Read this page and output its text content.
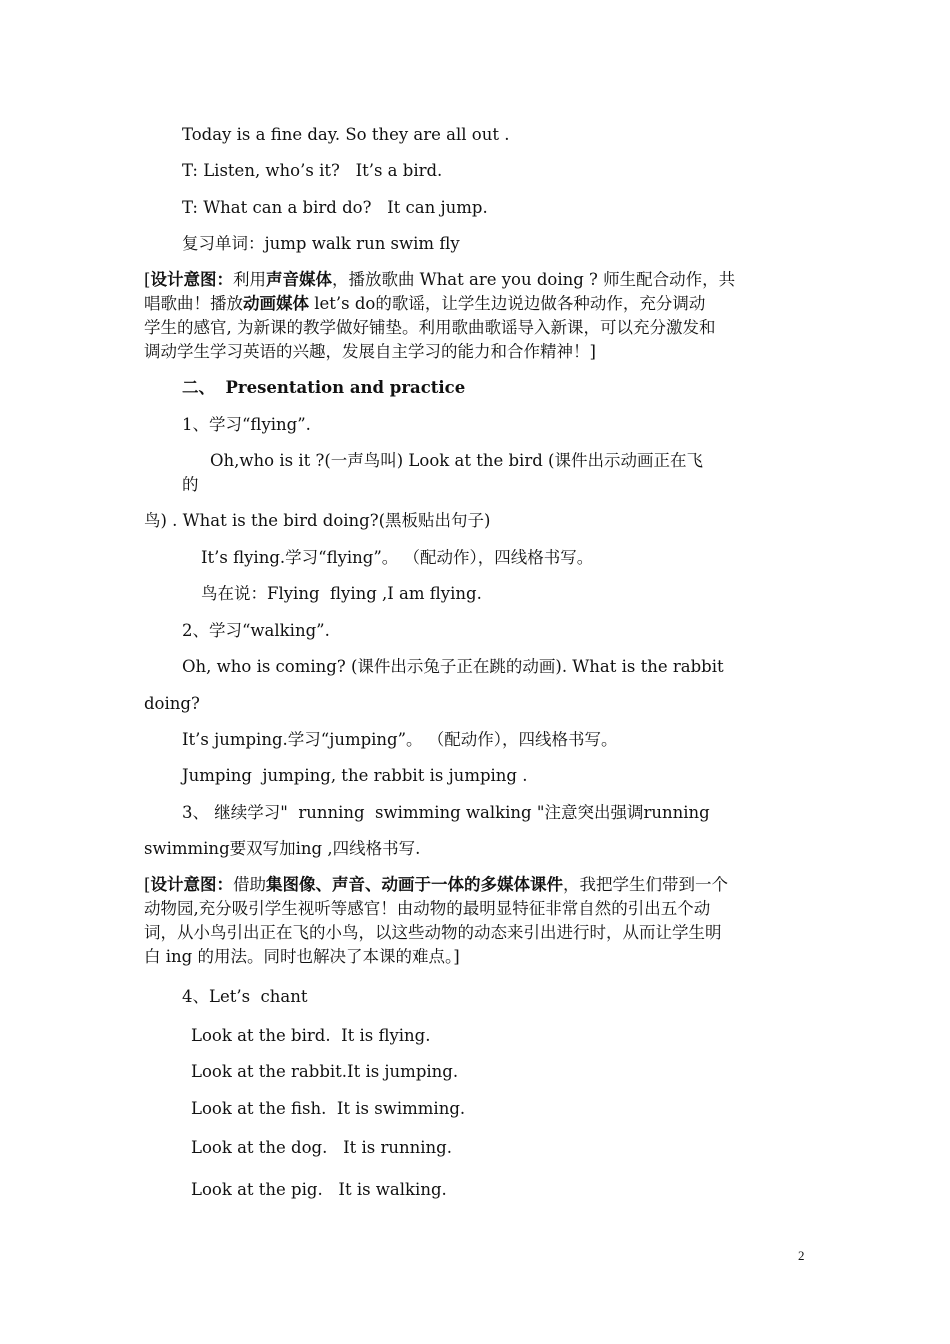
Today is a fine day. So they are all out .
T: Listen, who’s it?   It’s a bird.
T: What can a bird do?   It can jump.
复习单词：jump walk run swim fly
[设计意图：利用声音媒体，播放歌曲 What are you doing ? 师生配合动作，共
唱歌曲！播放动画媒体 let’s do的歌谣，让学生边说边做各种动作，充分调动
学生的感官, 为新课的教学做好铺垫。利用歌曲歌谣导入新课，可以充分激发和
调动学生学习英语的兴趣，发展自主学习的能力和合作精神！]
二、 Presentation and practice
1、学习“flying”.
Oh,who is it ?(一声鸟叫) Look at the bird (课件出示动画正在飞
的
鸟) . What is the bird doing?(黑板贴出句子)
It’s flying.学习“flying”。 （配动作），四线格书写。
鸟在说：Flying  flying ,I am flying.
2、学习“walking”.
Oh, who is coming? (课件出示兔子正在跳的动画). What is the rabbit
doing?
It’s jumping.学习“jumping”。 （配动作），四线格书写。
Jumping  jumping, the rabbit is jumping .
3、 继续学习"  running  swimming walking "注意突出强调running
swimming要双写加ing ,四线格书写.
[设计意图：借助集图像、声音、动画于一体的多媒体课件，我把学生们带到一个
动物园,充分吸引学生视听等感官！由动物的最明显特征非常自然的引出五个动
词，从小鸟引出正在飞的小鸟，以这些动物的动态来引出进行时，从而让学生明
白 ing 的用法。同时也解决了本课的难点。]
4、Let’s  chant
Look at the bird.  It is flying.
Look at the rabbit.It is jumping.
Look at the fish.  It is swimming.
Look at the dog.   It is running.
Look at the pig.   It is walking.
2
